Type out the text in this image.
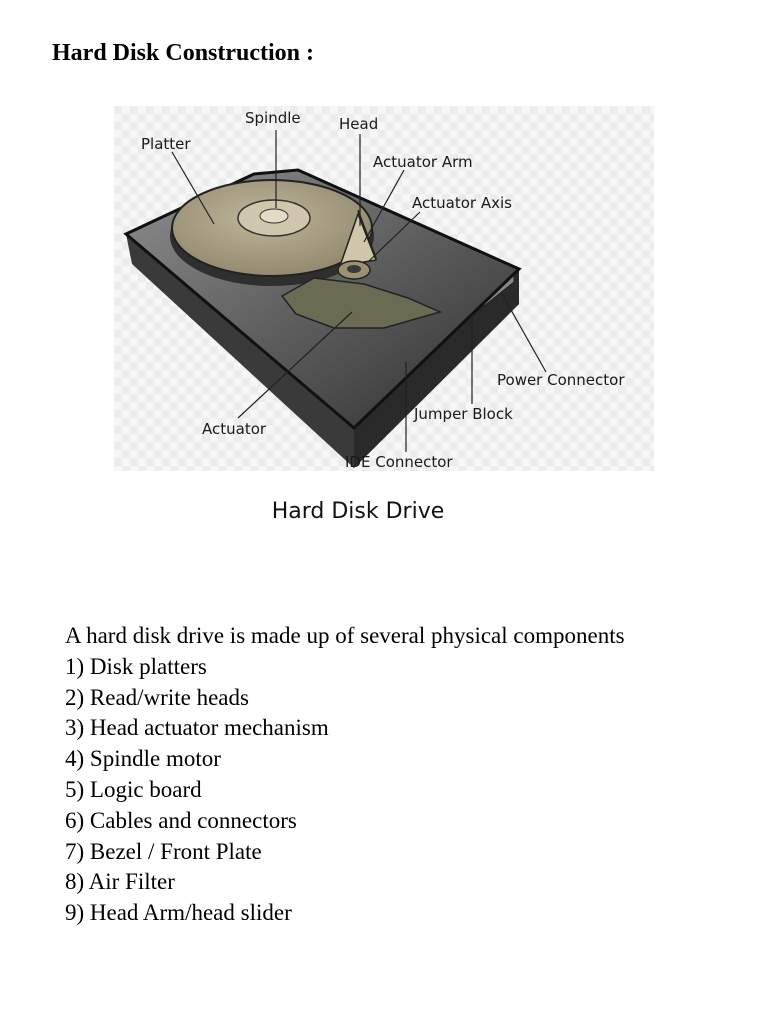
Hard Disk Construction :
Spindle	Head
Platter
Actuator Arm
Actuator Axis
Power Connector
Jumper Block
Actuator
IDE Connector
Hard Disk Drive

A hard disk drive is made up of several physical components

1) Disk platters
2) Read/write heads
3) Head actuator mechanism
4) Spindle motor
5) Logic board
6) Cables and connectors
7) Bezel / Front Plate
8) Air Filter
9) Head Arm/head slider
